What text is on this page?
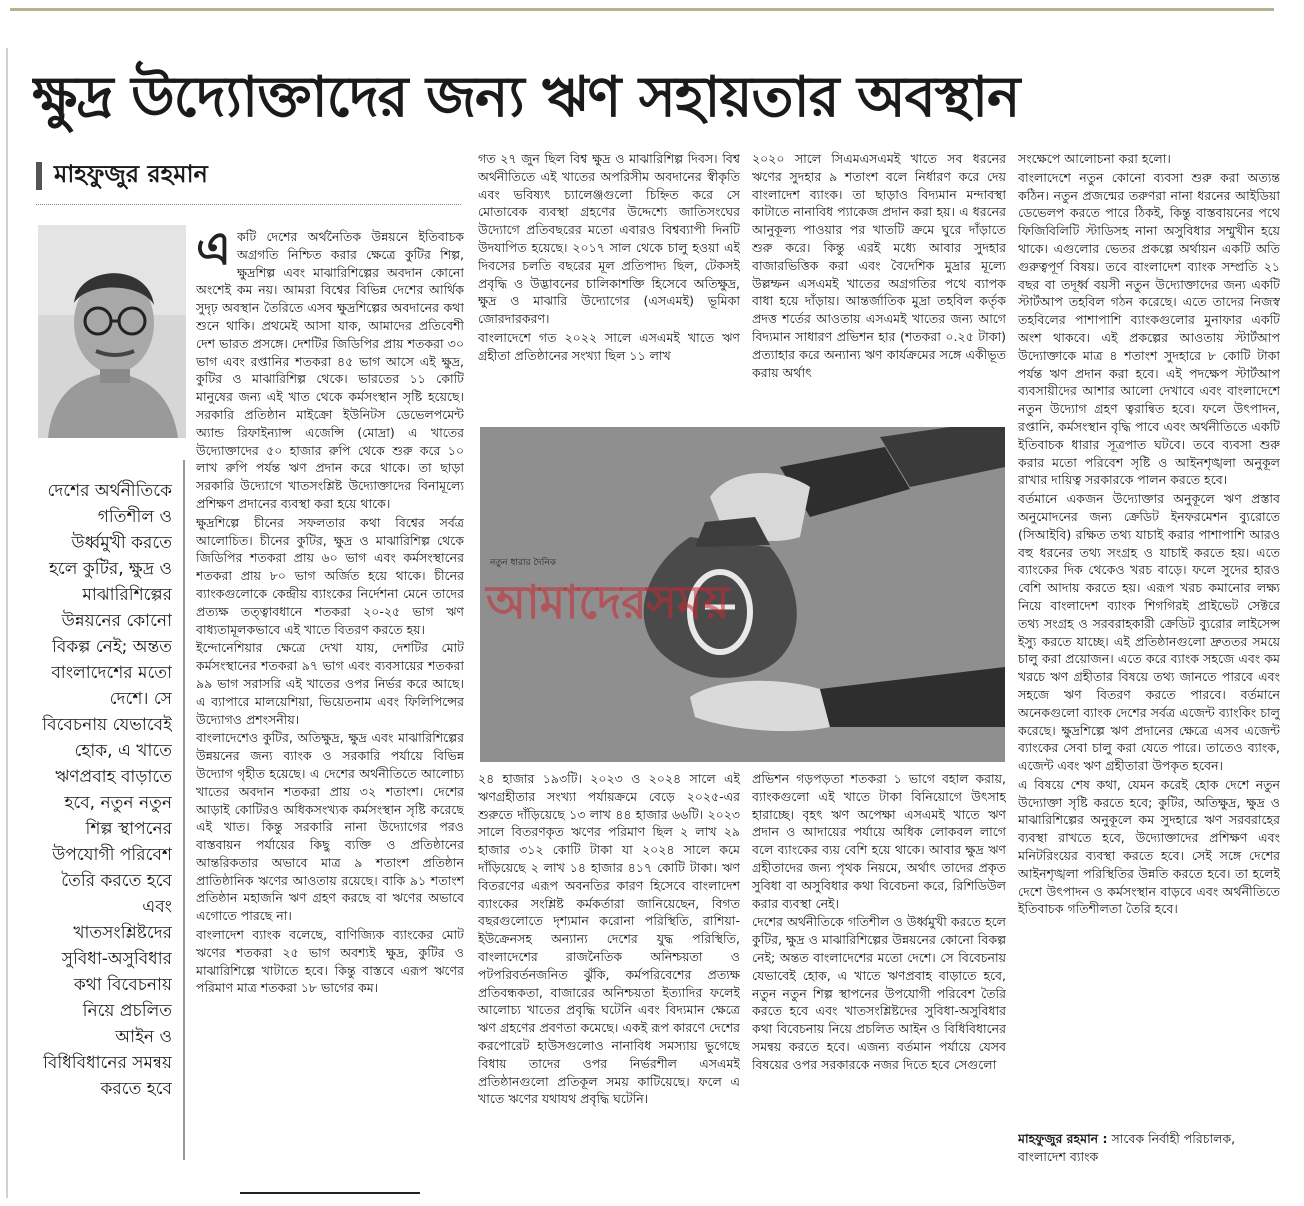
ক্ষুদ্র উদ্যোক্তাদের জন্য ঋণ সহায়তার অবস্থান
মাহফুজুর রহমান
দেশের অর্থনীতিকে গতিশীল ও উর্ধ্বমুখী করতে হলে কুটির, ক্ষুদ্র ও মাঝারিশিল্পের উন্নয়নের কোনো বিকল্প নেই; অন্তত বাংলাদেশের মতো দেশে। সে বিবেচনায় যেভাবেই হোক, এ খাতে ঋণপ্রবাহ বাড়াতে হবে, নতুন নতুন শিল্প স্থাপনের উপযোগী পরিবেশ তৈরি করতে হবে এবং খাতসংশ্লিষ্টদের সুবিধা-অসুবিধার কথা বিবেচনায় নিয়ে প্রচলিত আইন ও বিধিবিধানের সমন্বয় করতে হবে

একটি দেশের অর্থনৈতিক উন্নয়নে ইতিবাচক অগ্রগতি নিশ্চিত করার ক্ষেত্রে কুটির শিল্প, ক্ষুদ্রশিল্প এবং মাঝারিশিল্পের অবদান কোনো অংশেই কম নয়। আমরা বিশ্বের বিভিন্ন দেশের আর্থিক সুদৃঢ় অবস্থান তৈরিতে এসব ক্ষুদ্রশিল্পের অবদানের কথা শুনে থাকি। প্রথমেই আসা যাক, আমাদের প্রতিবেশী দেশ ভারত প্রসঙ্গে। দেশটির জিডিপির প্রায় শতকরা ৩০ ভাগ এবং রপ্তানির শতকরা ৪৫ ভাগ আসে এই ক্ষুদ্র, কুটির ও মাঝারিশিল্প থেকে। ভারতের ১১ কোটি মানুষের জন্য এই খাত থেকে কর্মসংস্থান সৃষ্টি হয়েছে। সরকারি প্রতিষ্ঠান মাইক্রো ইউনিটস ডেভেলপমেন্ট অ্যান্ড রিফাইন্যান্স এজেন্সি (মোদ্রা) এ খাতের উদ্যোক্তাদের ৫০ হাজার রুপি থেকে শুরু করে ১০ লাখ রুপি পর্যন্ত ঋণ প্রদান করে থাকে। তা ছাড়া সরকারি উদ্যোগে খাতসংশ্লিষ্ট উদ্যোক্তাদের বিনামূল্যে প্রশিক্ষণ প্রদানের ব্যবস্থা করা হয়ে থাকে।

ক্ষুদ্রশিল্পে চীনের সফলতার কথা বিশ্বের সর্বত্র আলোচিত। চীনের কুটির, ক্ষুদ্র ও মাঝারিশিল্প থেকে জিডিপির শতকরা প্রায় ৬০ ভাগ এবং কর্মসংস্থানের শতকরা প্রায় ৮০ ভাগ অর্জিত হয়ে থাকে। চীনের ব্যাংকগুলোকে কেন্দ্রীয় ব্যাংকের নির্দেশনা মেনে তাদের প্রত্যক্ষ তত্ত্বাবধানে শতকরা ২০-২৫ ভাগ ঋণ বাধ্যতামূলকভাবে এই খাতে বিতরণ করতে হয়।

ইন্দোনেশিয়ার ক্ষেত্রে দেখা যায়, দেশটির মোট কর্মসংস্থানের শতকরা ৯৭ ভাগ এবং ব্যবসায়ের শতকরা ৯৯ ভাগ সরাসরি এই খাতের ওপর নির্ভর করে আছে। এ ব্যাপারে মালয়েশিয়া, ভিয়েতনাম এবং ফিলিপিন্সের উদ্যোগও প্রশংসনীয়।

বাংলাদেশেও কুটির, অতিক্ষুদ্র, ক্ষুদ্র এবং মাঝারিশিল্পের উন্নয়নের জন্য ব্যাংক ও সরকারি পর্যায়ে বিভিন্ন উদ্যোগ গৃহীত হয়েছে। এ দেশের অর্থনীতিতে আলোচ্য খাতের অবদান শতকরা প্রায় ৩২ শতাংশ। দেশের আড়াই কোটিরও অধিকসংখ্যক কর্মসংস্থান সৃষ্টি করেছে এই খাত। কিন্তু সরকারি নানা উদ্যোগের পরও বাস্তবায়ন পর্যায়ের কিছু ব্যক্তি ও প্রতিষ্ঠানের আন্তরিকতার অভাবে মাত্র ৯ শতাংশ প্রতিষ্ঠান প্রাতিষ্ঠানিক ঋণের আওতায় রয়েছে। বাকি ৯১ শতাংশ প্রতিষ্ঠান মহাজনি ঋণ গ্রহণ করছে বা ঋণের অভাবে এগোতে পারছে না।

বাংলাদেশ ব্যাংক বলেছে, বাণিজ্যিক ব্যাংকের মোট ঋণের শতকরা ২৫ ভাগ অবশ্যই ক্ষুদ্র, কুটির ও মাঝারিশিল্পে খাটাতে হবে। কিন্তু বাস্তবে এরূপ ঋণের পরিমাণ মাত্র শতকরা ১৮ ভাগের কম।

গত ২৭ জুন ছিল বিশ্ব ক্ষুদ্র ও মাঝারিশিল্প দিবস। বিশ্ব অর্থনীতিতে এই খাতের অপরিসীম অবদানের স্বীকৃতি এবং ভবিষ্যৎ চ্যালেঞ্জগুলো চিহ্নিত করে সে মোতাবেক ব্যবস্থা গ্রহণের উদ্দেশ্যে জাতিসংঘের উদ্যোগে প্রতিবছরের মতো এবারও বিশ্বব্যাপী দিনটি উদযাপিত হয়েছে। ২০১৭ সাল থেকে চালু হওয়া এই দিবসের চলতি বছরের মূল প্রতিপাদ্য ছিল, টেকসই প্রবৃদ্ধি ও উদ্ভাবনের চালিকাশক্তি হিসেবে অতিক্ষুদ্র, ক্ষুদ্র ও মাঝারি উদ্যোগের (এসএমই) ভূমিকা জোরদারকরণ।

বাংলাদেশে গত ২০২২ সালে এসএমই খাতে ঋণ গ্রহীতা প্রতিষ্ঠানের সংখ্যা ছিল ১১ লাখ

২০২০ সালে সিএমএসএমই খাতে সব ধরনের ঋণের সুদহার ৯ শতাংশ বলে নির্ধারণ করে দেয় বাংলাদেশ ব্যাংক। তা ছাড়াও বিদ্যমান মন্দাবস্থা কাটাতে নানাবিধ প্যাকেজ প্রদান করা হয়। এ ধরনের আনুকূল্য পাওয়ার পর খাতটি ক্রমে ঘুরে দাঁড়াতে শুরু করে। কিন্তু এরই মধ্যে আবার সুদহার বাজারভিত্তিক করা এবং বৈদেশিক মুদ্রার মূল্যে উল্লম্ফন এসএমই খাতের অগ্রগতির পথে ব্যাপক বাধা হয়ে দাঁড়ায়। আন্তর্জাতিক মুদ্রা তহবিল কর্তৃক প্রদত্ত শর্তের আওতায় এসএমই খাতের জন্য আগে বিদ্যমান সাধারণ প্রভিশন হার (শতকরা ০.২৫ টাকা) প্রত্যাহার করে অন্যান্য ঋণ কার্যক্রমের সঙ্গে একীভূত করায় অর্থাৎ

সংক্ষেপে আলোচনা করা হলো।

বাংলাদেশে নতুন কোনো ব্যবসা শুরু করা অত্যন্ত কঠিন। নতুন প্রজন্মের তরুণরা নানা ধরনের আইডিয়া ডেভেলপ করতে পারে ঠিকই, কিন্তু বাস্তবায়নের পথে ফিজিবিলিটি স্টাডিসহ নানা অসুবিধার সম্মুখীন হয়ে থাকে। এগুলোর ভেতর প্রকল্পে অর্থায়ন একটি অতি গুরুত্বপূর্ণ বিষয়। তবে বাংলাদেশ ব্যাংক সম্প্রতি ২১ বছর বা তদূর্ধ্ব বয়সী নতুন উদ্যোক্তাদের জন্য একটি স্টার্টআপ তহবিল গঠন করেছে। এতে তাদের নিজস্ব তহবিলের পাশাপাশি ব্যাংকগুলোর মুনাফার একটি অংশ থাকবে। এই প্রকল্পের আওতায় স্টার্টআপ উদ্যোক্তাকে মাত্র ৪ শতাংশ সুদহারে ৮ কোটি টাকা পর্যন্ত ঋণ প্রদান করা হবে। এই পদক্ষেপ স্টার্টআপ ব্যবসায়ীদের আশার আলো দেখাবে এবং বাংলাদেশে নতুন উদ্যোগ গ্রহণ ত্বরান্বিত হবে। ফলে উৎপাদন, রপ্তানি, কর্মসংস্থান বৃদ্ধি পাবে এবং অর্থনীতিতে একটি ইতিবাচক ধারার সূত্রপাত ঘটবে। তবে ব্যবসা শুরু করার মতো পরিবেশ সৃষ্টি ও আইনশৃঙ্খলা অনুকূল রাখার দায়িত্ব সরকারকে পালন করতে হবে।

বর্তমানে একজন উদ্যোক্তার অনুকূলে ঋণ প্রস্তাব অনুমোদনের জন্য ক্রেডিট ইনফরমেশন ব্যুরোতে (সিআইবি) রক্ষিত তথ্য যাচাই করার পাশাপাশি আরও বহু ধরনের তথ্য সংগ্রহ ও যাচাই করতে হয়। এতে ব্যাংকের দিক থেকেও খরচ বাড়ে। ফলে সুদের হারও বেশি আদায় করতে হয়। এরূপ খরচ কমানোর লক্ষ্য নিয়ে বাংলাদেশ ব্যাংক শিগগিরই প্রাইভেট সেক্টরে তথ্য সংগ্রহ ও সরবরাহকারী ক্রেডিট ব্যুরোর লাইসেন্স ইস্যু করতে যাচ্ছে। এই প্রতিষ্ঠানগুলো দ্রুততর সময়ে চালু করা প্রয়োজন। এতে করে ব্যাংক সহজে এবং কম খরচে ঋণ গ্রহীতার বিষয়ে তথ্য জানতে পারবে এবং সহজে ঋণ বিতরণ করতে পারবে। বর্তমানে অনেকগুলো ব্যাংক দেশের সর্বত্র এজেন্ট ব্যাংকিং চালু করেছে। ক্ষুদ্রশিল্পে ঋণ প্রদানের ক্ষেত্রে এসব এজেন্ট ব্যাংকের সেবা চালু করা যেতে পারে। তাতেও ব্যাংক, এজেন্ট এবং ঋণ গ্রহীতারা উপকৃত হবেন।

এ বিষয়ে শেষ কথা, যেমন করেই হোক দেশে নতুন উদ্যোক্তা সৃষ্টি করতে হবে; কুটির, অতিক্ষুদ্র, ক্ষুদ্র ও মাঝারিশিল্পের অনুকূলে কম সুদহারে ঋণ সরবরাহের ব্যবস্থা রাখতে হবে, উদ্যোক্তাদের প্রশিক্ষণ এবং মনিটরিংয়ের ব্যবস্থা করতে হবে। সেই সঙ্গে দেশের আইনশৃঙ্খলা পরিস্থিতির উন্নতি করতে হবে। তা হলেই দেশে উৎপাদন ও কর্মসংস্থান বাড়বে এবং অর্থনীতিতে ইতিবাচক গতিশীলতা তৈরি হবে।

নতুন ধারার দৈনিক
আমাদেরসময়

২৪ হাজার ১৯৩টি। ২০২৩ ও ২০২৪ সালে এই ঋণগ্রহীতার সংখ্যা পর্যায়ক্রমে বেড়ে ২০২৫-এর শুরুতে দাঁড়িয়েছে ১৩ লাখ ৪৪ হাজার ৬৬টি। ২০২৩ সালে বিতরণকৃত ঋণের পরিমাণ ছিল ২ লাখ ২৯ হাজার ৩১২ কোটি টাকা যা ২০২৪ সালে কমে দাঁড়িয়েছে ২ লাখ ১৪ হাজার ৪১৭ কোটি টাকা। ঋণ বিতরণের এরূপ অবনতির কারণ হিসেবে বাংলাদেশ ব্যাংকের সংশ্লিষ্ট কর্মকর্তারা জানিয়েছেন, বিগত বছরগুলোতে দৃশ্যমান করোনা পরিস্থিতি, রাশিয়া-ইউক্রেনসহ অন্যান্য দেশের যুদ্ধ পরিস্থিতি, বাংলাদেশের রাজনৈতিক অনিশ্চয়তা ও পটপরিবর্তনজনিত ঝুঁকি, কর্মপরিবেশের প্রত্যক্ষ প্রতিবন্ধকতা, বাজারের অনিশ্চয়তা ইত্যাদির ফলেই আলোচ্য খাতের প্রবৃদ্ধি ঘটেনি এবং বিদ্যমান ক্ষেত্রে ঋণ গ্রহণের প্রবণতা কমেছে। একই রূপ কারণে দেশের করপোরেট হাউসগুলোও নানাবিধ সমস্যায় ভুগেছে বিধায় তাদের ওপর নির্ভরশীল এসএমই প্রতিষ্ঠানগুলো প্রতিকূল সময় কাটিয়েছে। ফলে এ খাতে ঋণের যথাযথ প্রবৃদ্ধি ঘটেনি।

প্রভিশন গড়পড়তা শতকরা ১ ভাগে বহাল করায়, ব্যাংকগুলো এই খাতে টাকা বিনিয়োগে উৎসাহ হারাচ্ছে। বৃহৎ ঋণ অপেক্ষা এসএমই খাতে ঋণ প্রদান ও আদায়ের পর্যায়ে অধিক লোকবল লাগে বলে ব্যাংকের ব্যয় বেশি হয়ে থাকে। আবার ক্ষুদ্র ঋণ গ্রহীতাদের জন্য পৃথক নিয়মে, অর্থাৎ তাদের প্রকৃত সুবিধা বা অসুবিধার কথা বিবেচনা করে, রিশিডিউল করার ব্যবস্থা নেই।

দেশের অর্থনীতিকে গতিশীল ও উর্ধ্বমুখী করতে হলে কুটির, ক্ষুদ্র ও মাঝারিশিল্পের উন্নয়নের কোনো বিকল্প নেই; অন্তত বাংলাদেশের মতো দেশে। সে বিবেচনায় যেভাবেই হোক, এ খাতে ঋণপ্রবাহ বাড়াতে হবে, নতুন নতুন শিল্প স্থাপনের উপযোগী পরিবেশ তৈরি করতে হবে এবং খাতসংশ্লিষ্টদের সুবিধা-অসুবিধার কথা বিবেচনায় নিয়ে প্রচলিত আইন ও বিধিবিধানের সমন্বয় করতে হবে। এজন্য বর্তমান পর্যায়ে যেসব বিষয়ের ওপর সরকারকে নজর দিতে হবে সেগুলো

মাহফুজুর রহমান : সাবেক নির্বাহী পরিচালক, বাংলাদেশ ব্যাংক
